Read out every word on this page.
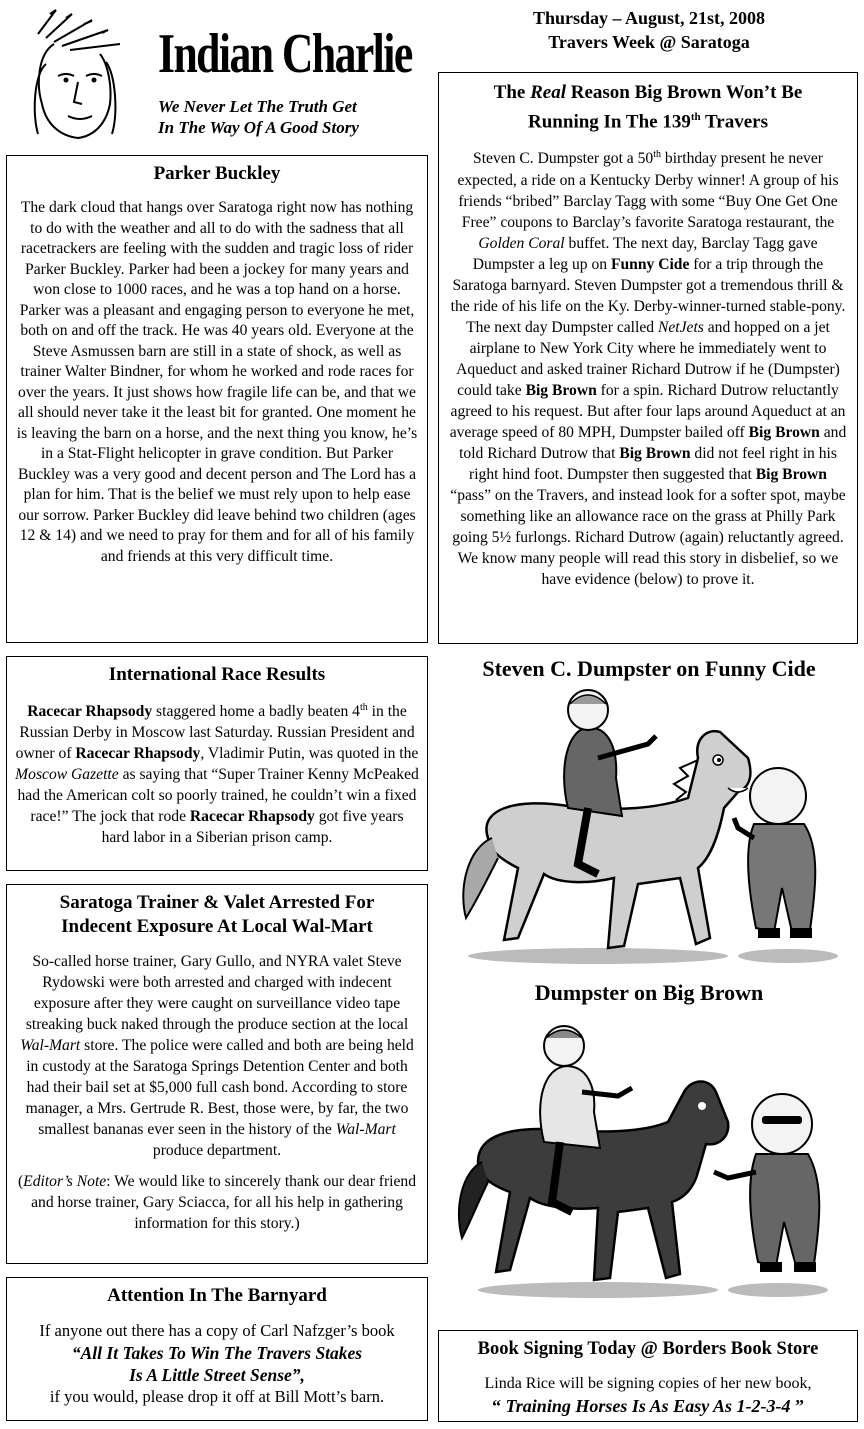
Indian Charlie
We Never Let The Truth Get
In The Way Of A Good Story
Thursday – August, 21st, 2008
Travers Week @ Saratoga
Parker Buckley
The dark cloud that hangs over Saratoga right now has nothing to do with the weather and all to do with the sadness that all racetrackers are feeling with the sudden and tragic loss of rider Parker Buckley. Parker had been a jockey for many years and won close to 1000 races, and he was a top hand on a horse. Parker was a pleasant and engaging person to everyone he met, both on and off the track. He was 40 years old. Everyone at the Steve Asmussen barn are still in a state of shock, as well as trainer Walter Bindner, for whom he worked and rode races for over the years. It just shows how fragile life can be, and that we all should never take it the least bit for granted. One moment he is leaving the barn on a horse, and the next thing you know, he’s in a Stat-Flight helicopter in grave condition. But Parker Buckley was a very good and decent person and The Lord has a plan for him. That is the belief we must rely upon to help ease our sorrow. Parker Buckley did leave behind two children (ages 12 & 14) and we need to pray for them and for all of his family and friends at this very difficult time.
International Race Results
Racecar Rhapsody staggered home a badly beaten 4th in the Russian Derby in Moscow last Saturday. Russian President and owner of Racecar Rhapsody, Vladimir Putin, was quoted in the Moscow Gazette as saying that “Super Trainer Kenny McPeaked had the American colt so poorly trained, he couldn’t win a fixed race!” The jock that rode Racecar Rhapsody got five years hard labor in a Siberian prison camp.
Saratoga Trainer & Valet Arrested For
Indecent Exposure At Local Wal-Mart
So-called horse trainer, Gary Gullo, and NYRA valet Steve Rydowski were both arrested and charged with indecent exposure after they were caught on surveillance video tape streaking buck naked through the produce section at the local Wal-Mart store. The police were called and both are being held in custody at the Saratoga Springs Detention Center and both had their bail set at $5,000 full cash bond. According to store manager, a Mrs. Gertrude R. Best, those were, by far, the two smallest bananas ever seen in the history of the Wal-Mart produce department.
(Editor’s Note: We would like to sincerely thank our dear friend and horse trainer, Gary Sciacca, for all his help in gathering information for this story.)
Attention In The Barnyard
If anyone out there has a copy of Carl Nafzger’s book
“All It Takes To Win The Travers Stakes
Is A Little Street Sense”,
if you would, please drop it off at Bill Mott’s barn.
The Real Reason Big Brown Won’t Be
Running In The 139th Travers
Steven C. Dumpster got a 50th birthday present he never expected, a ride on a Kentucky Derby winner! A group of his friends “bribed” Barclay Tagg with some “Buy One Get One Free” coupons to Barclay’s favorite Saratoga restaurant, the Golden Coral buffet. The next day, Barclay Tagg gave Dumpster a leg up on Funny Cide for a trip through the Saratoga barnyard. Steven Dumpster got a tremendous thrill & the ride of his life on the Ky. Derby-winner-turned stable-pony. The next day Dumpster called NetJets and hopped on a jet airplane to New York City where he immediately went to Aqueduct and asked trainer Richard Dutrow if he (Dumpster) could take Big Brown for a spin. Richard Dutrow reluctantly agreed to his request. But after four laps around Aqueduct at an average speed of 80 MPH, Dumpster bailed off Big Brown and told Richard Dutrow that Big Brown did not feel right in his right hind foot. Dumpster then suggested that Big Brown “pass” on the Travers, and instead look for a softer spot, maybe something like an allowance race on the grass at Philly Park going 5½ furlongs. Richard Dutrow (again) reluctantly agreed. We know many people will read this story in disbelief, so we have evidence (below) to prove it.
Steven C. Dumpster on Funny Cide
Dumpster on Big Brown
Book Signing Today @ Borders Book Store
Linda Rice will be signing copies of her new book,
“ Training Horses Is As Easy As 1-2-3-4 ”
